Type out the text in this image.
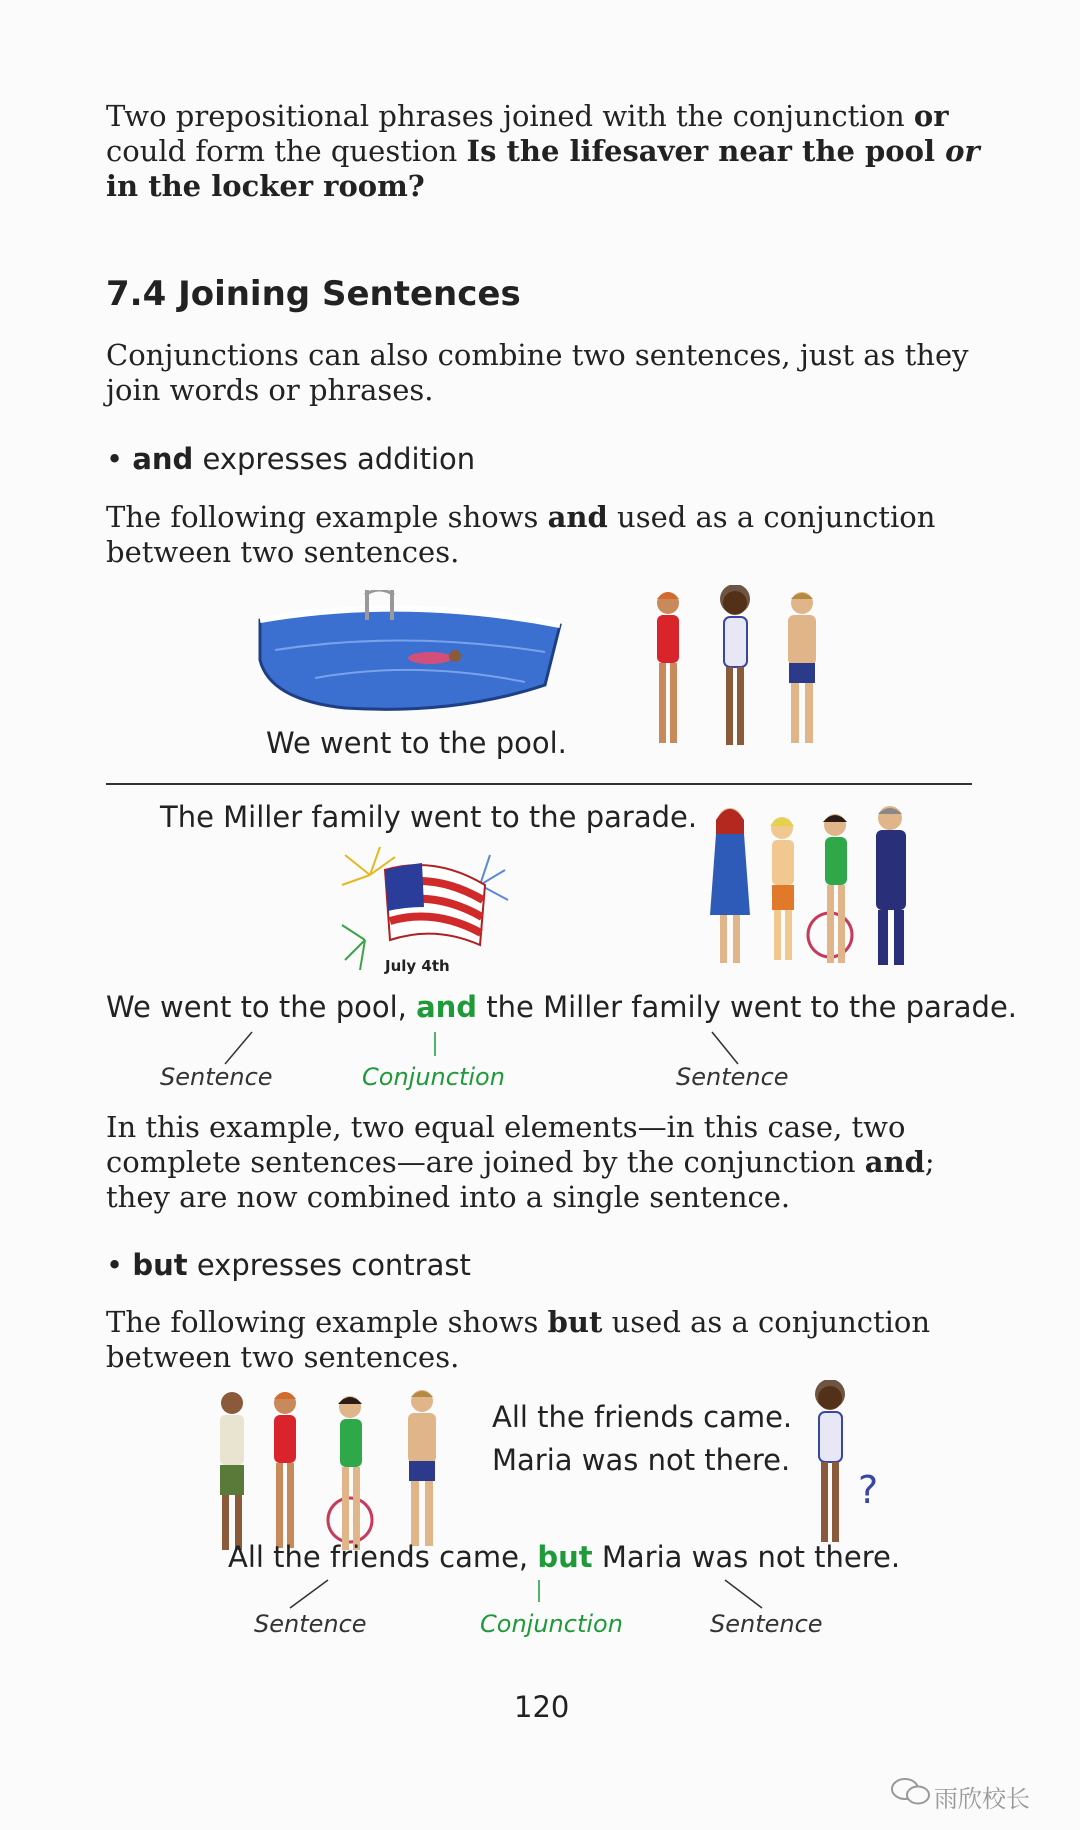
Two prepositional phrases joined with the conjunction or could form the question Is the lifesaver near the pool or in the locker room?
7.4 Joining Sentences
Conjunctions can also combine two sentences, just as they join words or phrases.
• and expresses addition
The following example shows and used as a conjunction between two sentences.
We went to the pool.
The Miller family went to the parade.
July 4th
We went to the pool, and the Miller family went to the parade.
Sentence	Conjunction	Sentence
In this example, two equal elements—in this case, two complete sentences—are joined by the conjunction and; they are now combined into a single sentence.
• but expresses contrast
The following example shows but used as a conjunction between two sentences.
All the friends came.
Maria was not there.
?
All the friends came, but Maria was not there.
Sentence	Conjunction	Sentence
120
雨欣校长
